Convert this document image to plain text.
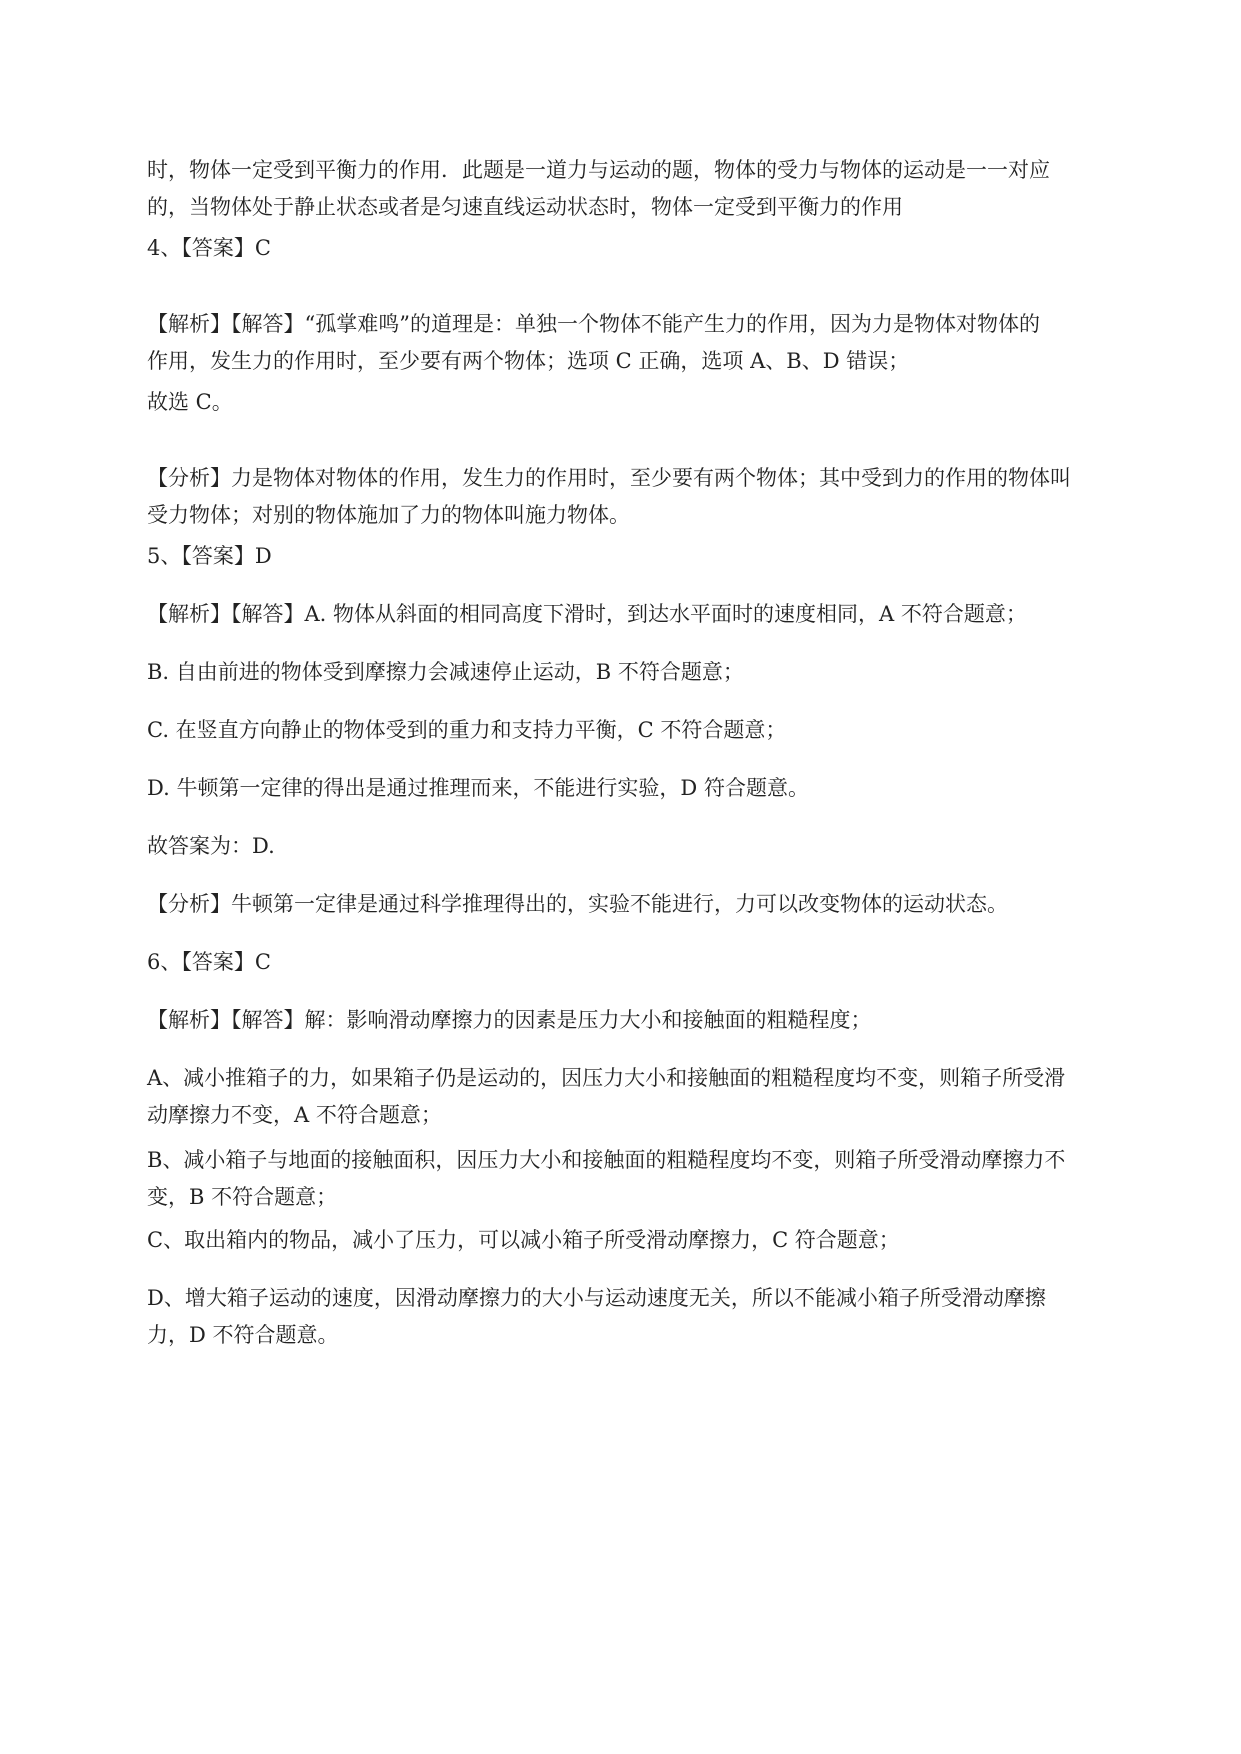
时，物体一定受到平衡力的作用．此题是一道力与运动的题，物体的受力与物体的运动是一一对应
的，当物体处于静止状态或者是匀速直线运动状态时，物体一定受到平衡力的作用

4、【答案】C

【解析】【解答】“孤掌难鸣”的道理是：单独一个物体不能产生力的作用，因为力是物体对物体的
作用，发生力的作用时，至少要有两个物体；选项 C 正确，选项 A、B、D 错误；

故选 C。

【分析】力是物体对物体的作用，发生力的作用时，至少要有两个物体；其中受到力的作用的物体叫
受力物体；对别的物体施加了力的物体叫施力物体。

5、【答案】D

【解析】【解答】A. 物体从斜面的相同高度下滑时，到达水平面时的速度相同，A 不符合题意；

B. 自由前进的物体受到摩擦力会减速停止运动，B 不符合题意；

C. 在竖直方向静止的物体受到的重力和支持力平衡，C 不符合题意；

D. 牛顿第一定律的得出是通过推理而来，不能进行实验，D 符合题意。

故答案为：D.

【分析】牛顿第一定律是通过科学推理得出的，实验不能进行，力可以改变物体的运动状态。

6、【答案】C

【解析】【解答】解：影响滑动摩擦力的因素是压力大小和接触面的粗糙程度；

A、减小推箱子的力，如果箱子仍是运动的，因压力大小和接触面的粗糙程度均不变，则箱子所受滑
动摩擦力不变，A 不符合题意；

B、减小箱子与地面的接触面积，因压力大小和接触面的粗糙程度均不变，则箱子所受滑动摩擦力不
变，B 不符合题意；

C、取出箱内的物品，减小了压力，可以减小箱子所受滑动摩擦力，C 符合题意；

D、增大箱子运动的速度，因滑动摩擦力的大小与运动速度无关，所以不能减小箱子所受滑动摩擦
力，D 不符合题意。
